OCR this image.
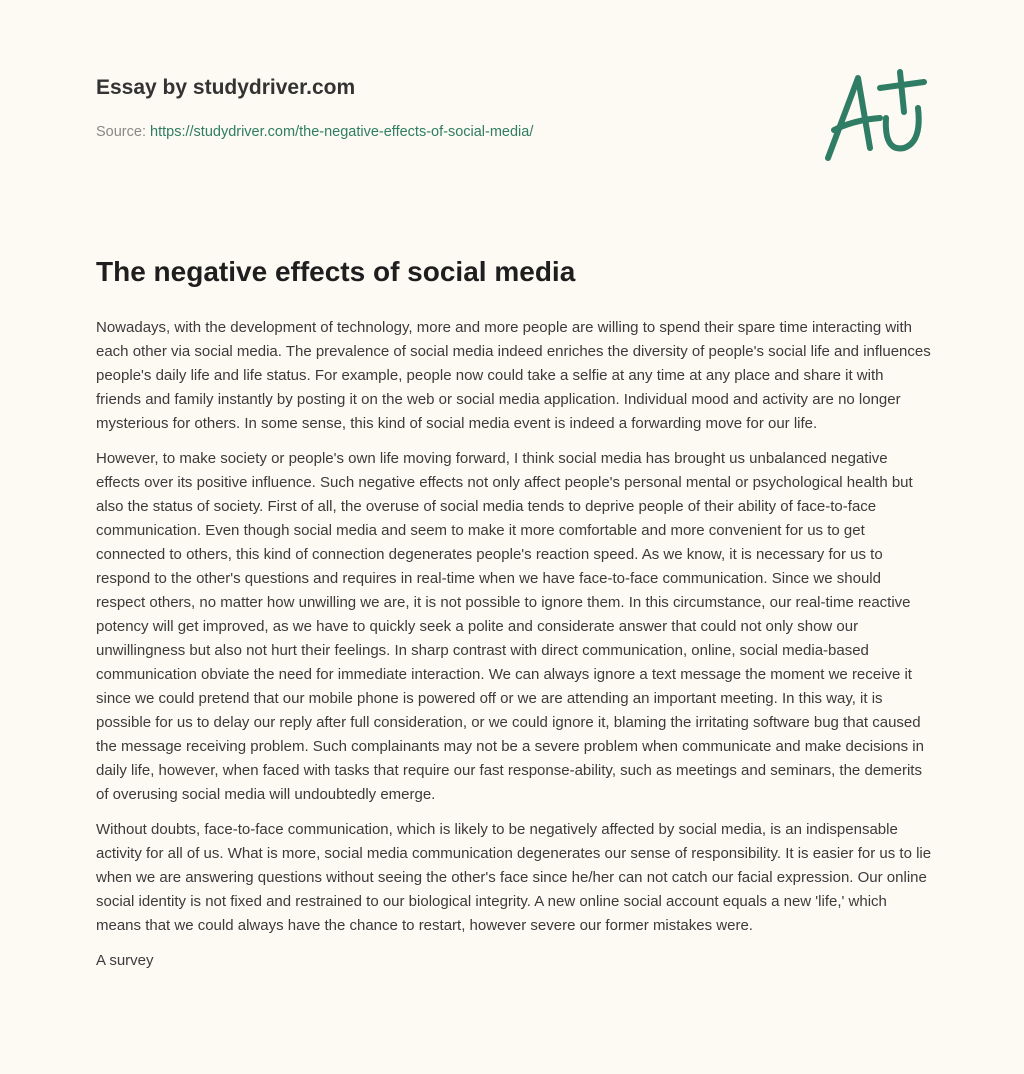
Essay by studydriver.com
Source: https://studydriver.com/the-negative-effects-of-social-media/
The negative effects of social media

Nowadays, with the development of technology, more and more people are willing to spend their spare time interacting with each other via social media. The prevalence of social media indeed enriches the diversity of people's social life and influences people's daily life and life status. For example, people now could take a selfie at any time at any place and share it with friends and family instantly by posting it on the web or social media application. Individual mood and activity are no longer mysterious for others. In some sense, this kind of social media event is indeed a forwarding move for our life.

However, to make society or people's own life moving forward, I think social media has brought us unbalanced negative effects over its positive influence. Such negative effects not only affect people's personal mental or psychological health but also the status of society. First of all, the overuse of social media tends to deprive people of their ability of face-to-face communication. Even though social media and seem to make it more comfortable and more convenient for us to get connected to others, this kind of connection degenerates people's reaction speed. As we know, it is necessary for us to respond to the other's questions and requires in real-time when we have face-to-face communication. Since we should respect others, no matter how unwilling we are, it is not possible to ignore them. In this circumstance, our real-time reactive potency will get improved, as we have to quickly seek a polite and considerate answer that could not only show our unwillingness but also not hurt their feelings. In sharp contrast with direct communication, online, social media-based communication obviate the need for immediate interaction. We can always ignore a text message the moment we receive it since we could pretend that our mobile phone is powered off or we are attending an important meeting. In this way, it is possible for us to delay our reply after full consideration, or we could ignore it, blaming the irritating software bug that caused the message receiving problem. Such complainants may not be a severe problem when communicate and make decisions in daily life, however, when faced with tasks that require our fast response-ability, such as meetings and seminars, the demerits of overusing social media will undoubtedly emerge.

Without doubts, face-to-face communication, which is likely to be negatively affected by social media, is an indispensable activity for all of us. What is more, social media communication degenerates our sense of responsibility. It is easier for us to lie when we are answering questions without seeing the other's face since he/her can not catch our facial expression. Our online social identity is not fixed and restrained to our biological integrity. A new online social account equals a new 'life,' which means that we could always have the chance to restart, however severe our former mistakes were.

A survey
